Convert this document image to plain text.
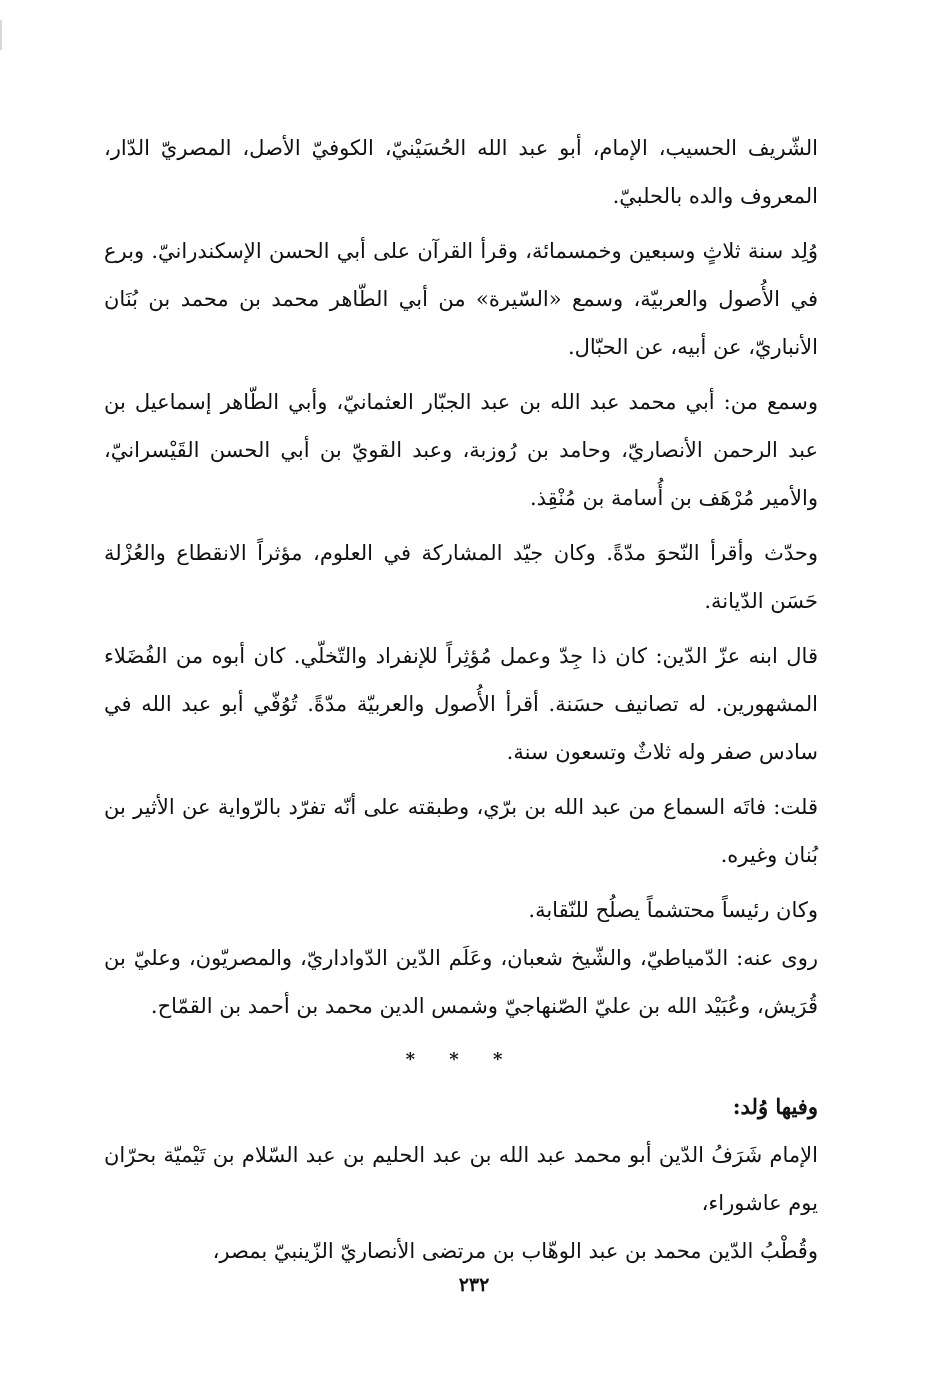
الشّريف الحسيب، الإمام، أبو عبد الله الحُسَيْنيّ، الكوفيّ الأصل، المصريّ الدّار، المعروف والده بالحلبيّ.

وُلِد سنة ثلاثٍ وسبعين وخمسمائة، وقرأ القرآن على أبي الحسن الإسكندرانيّ. وبرع في الأُصول والعربيّة، وسمع «السّيرة» من أبي الطّاهر محمد بن محمد بن بُنَان الأنباريّ، عن أبيه، عن الحبّال.

وسمع من: أبي محمد عبد الله بن عبد الجبّار العثمانيّ، وأبي الطّاهر إسماعيل بن عبد الرحمن الأنصاريّ، وحامد بن رُوزبة، وعبد القويّ بن أبي الحسن القَيْسرانيّ، والأمير مُرْهَف بن أُسامة بن مُنْقِذ.

وحدّث وأقرأ النّحوَ مدّةً. وكان جيّد المشاركة في العلوم، مؤثراً الانقطاع والعُزْلة حَسَن الدّيانة.

قال ابنه عزّ الدّين: كان ذا جِدّ وعمل مُؤثِراً للإنفراد والتّخلّي. كان أبوه من الفُضَلاء المشهورين. له تصانيف حسَنة. أقرأ الأُصول والعربيّة مدّةً. تُوُفّي أبو عبد الله في سادس صفر وله ثلاثٌ وتسعون سنة.

قلت: فاتَه السماع من عبد الله بن برّي، وطبقته على أنّه تفرّد بالرّواية عن الأثير بن بُنان وغيره.

وكان رئيساً محتشماً يصلُح للنّقابة.

روى عنه: الدّمياطيّ، والشّيخ شعبان، وعَلَم الدّين الدّواداريّ، والمصريّون، وعليّ بن قُرَيش، وعُبَيْد الله بن عليّ الصّنهاجيّ وشمس الدين محمد بن أحمد بن القمّاح.

* * *

وفيها وُلد:

الإمام شَرَفُ الدّين أبو محمد عبد الله بن عبد الحليم بن عبد السّلام بن تَيْميّة بحرّان يوم عاشوراء،

وقُطْبُ الدّين محمد بن عبد الوهّاب بن مرتضى الأنصاريّ الزّينبيّ بمصر،

٢٣٢
